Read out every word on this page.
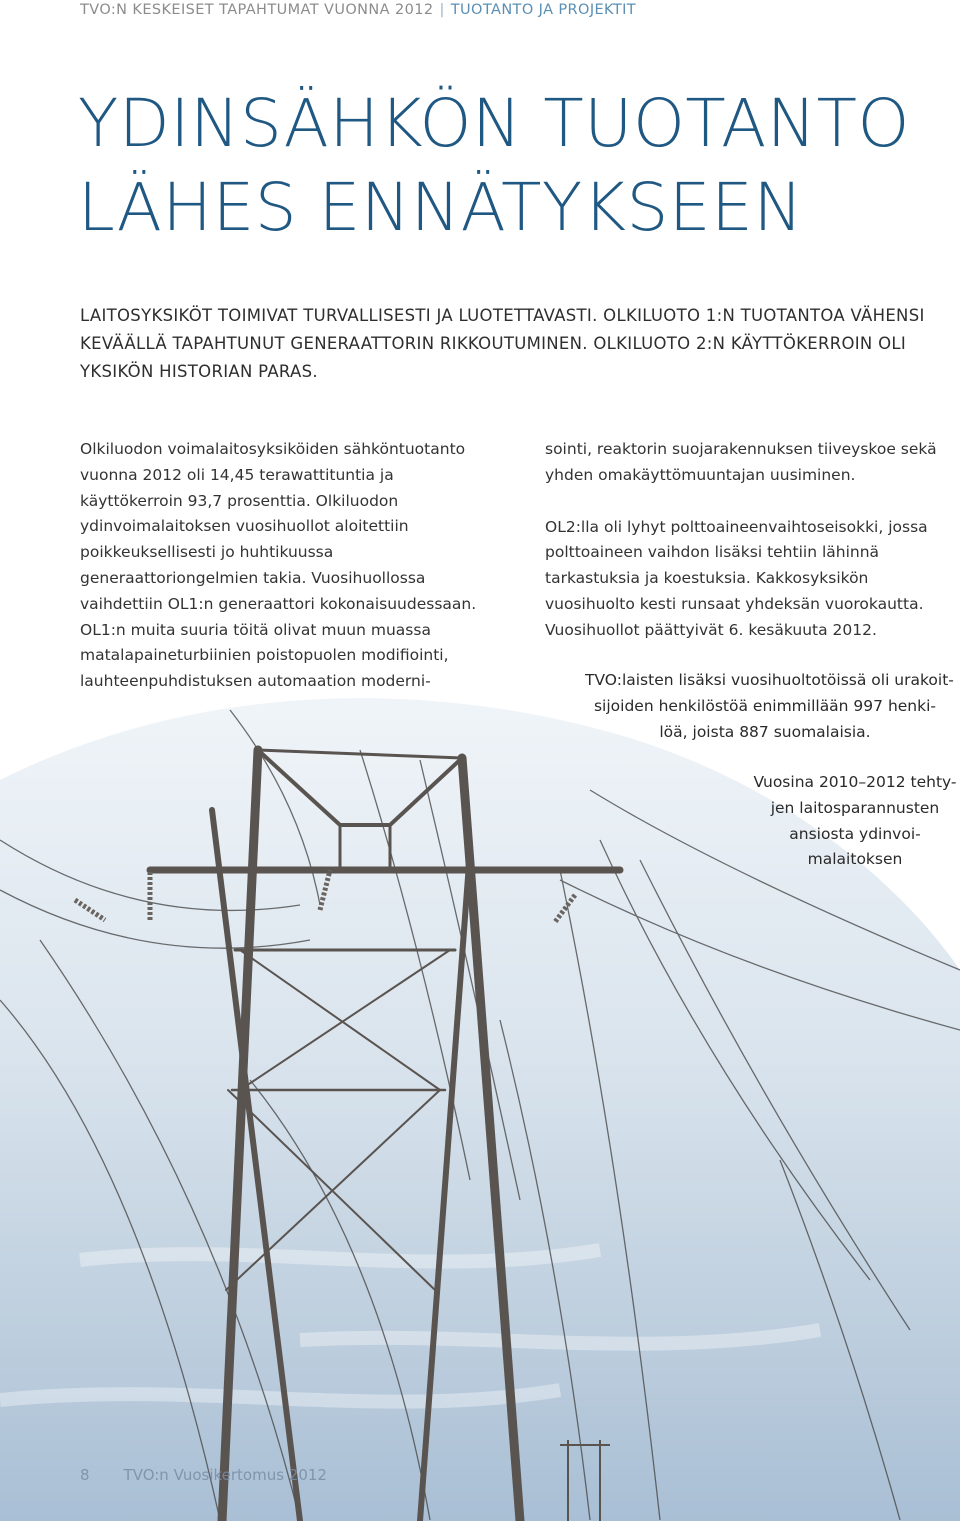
TVO:N KESKEISET TAPAHTUMAT VUONNA 2012 | TUOTANTO JA PROJEKTIT
YDINSÄHKÖN TUOTANTO
LÄHES ENNÄTYKSEEN
LAITOSYKSIKÖT TOIMIVAT TURVALLISESTI JA LUOTETTAVASTI. OLKILUOTO 1:N TUOTANTOA VÄHENSI
KEVÄÄLLÄ TAPAHTUNUT GENERAATTORIN RIKKOUTUMINEN. OLKILUOTO 2:N KÄYTTÖKERROIN OLI
YKSIKÖN HISTORIAN PARAS.

Olkiluodon voimalaitosyksiköiden sähköntuotanto vuonna 2012 oli 14,45 terawattituntia ja käyttökerroin 93,7 prosenttia. Olkiluodon ydinvoimalaitoksen vuosihuollot aloitettiin poikkeuksellisesti jo huhtikuussa generaattoriongelmien takia. Vuosihuollossa vaihdettiin OL1:n generaattori kokonaisuudessaan. OL1:n muita suuria töitä olivat muun muassa matalapaineturbiinien poistopuolen modifiointi, lauhteenpuhdistuksen automaation moderni-

sointi, reaktorin suojarakennuksen tiiveyskoe sekä yhden omakäyttömuuntajan uusiminen.

OL2:lla oli lyhyt polttoaineenvaihtoseisokki, jossa polttoaineen vaihdon lisäksi tehtiin lähinnä tarkastuksia ja koestuksia. Kakkosyksikön vuosihuolto kesti runsaat yhdeksän vuorokautta. Vuosihuollot päättyivät 6. kesäkuuta 2012.

TVO:laisten lisäksi vuosihuoltotöissä oli urakoit-
sijoiden henkilöstöä enimmillään 997 henki-
löä, joista 887 suomalaisia.
Vuosina 2010–2012 tehty-
jen laitosparannusten
ansiosta ydinvoi-
malaitoksen
8 TVO:n Vuosikertomus 2012
